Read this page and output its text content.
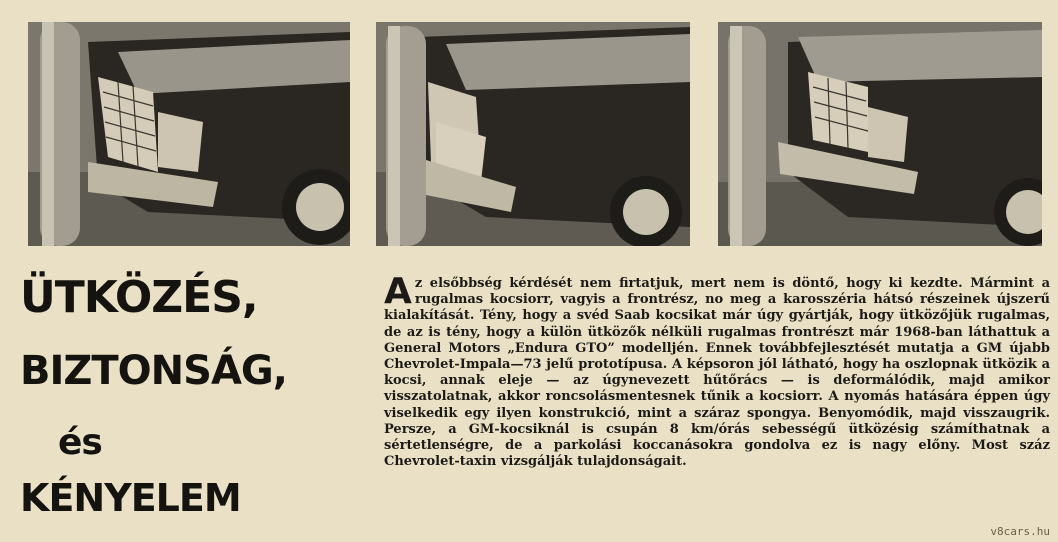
ÜTKÖZÉS,
BIZTONSÁG,
és
KÉNYELEM
Az elsőbbség kérdését nem firtatjuk, mert nem is döntő, hogy ki kezdte. Mármint a rugalmas kocsiorr, vagyis a frontrész, no meg a karosszéria hátsó részeinek újszerű kialakítását. Tény, hogy a svéd Saab kocsikat már úgy gyártják, hogy ütközőjük rugalmas, de az is tény, hogy a külön ütközők nélküli rugalmas frontrészt már 1968-ban láthattuk a General Motors „Endura GTO” modelljén. Ennek továbbfejlesztését mutatja a GM újabb Chevrolet-Impala—73 jelű prototípusa. A képsoron jól látható, hogy ha oszlopnak ütközik a kocsi, annak eleje — az úgynevezett hűtőrács — is deformálódik, majd amikor visszatolatnak, akkor roncsolásmentesnek tűnik a kocsiorr. A nyomás hatására éppen úgy viselkedik egy ilyen konstrukció, mint a száraz spongya. Benyomódik, majd visszaugrik. Persze, a GM-kocsiknál is csupán 8 km/órás sebességű ütközésig számíthatnak a sértetlenségre, de a parkolási koccanásokra gondolva ez is nagy előny. Most száz Chevrolet-taxin vizsgálják tulajdonságait.
v8cars.hu
